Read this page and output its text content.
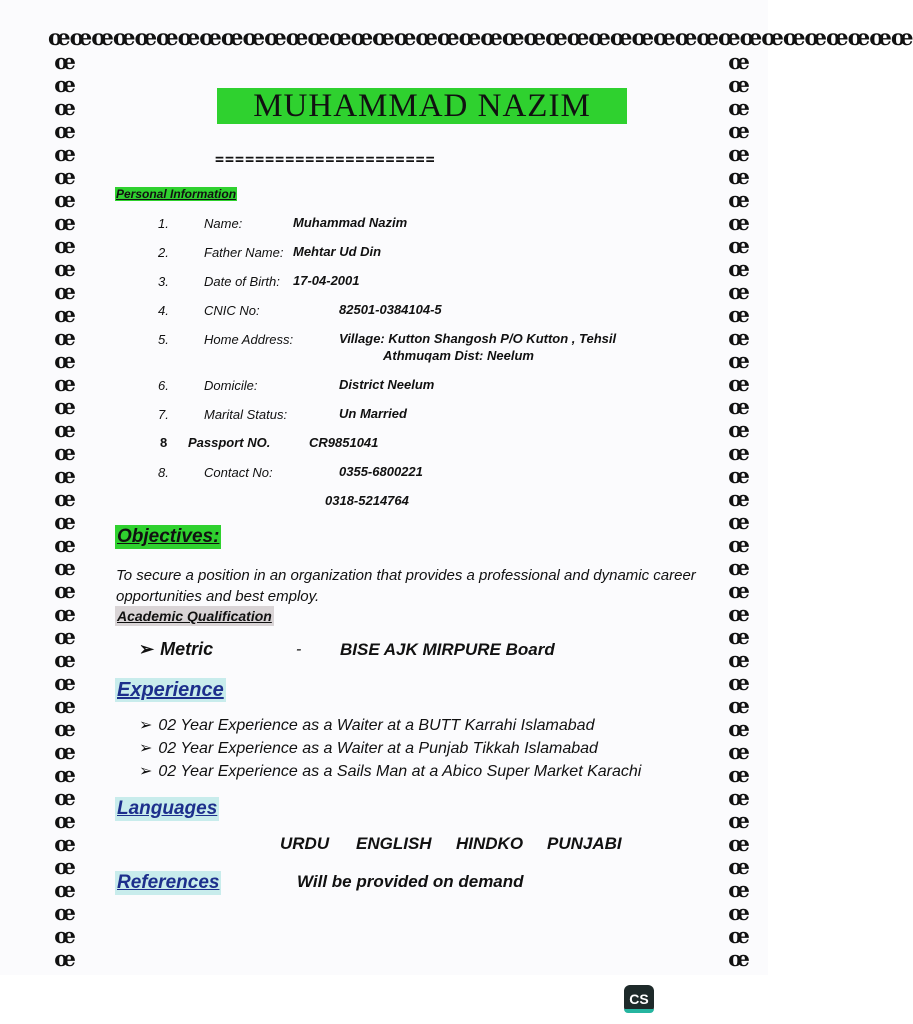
œœœœœœœœœœœœœœœœœœœœœœœœœœœœœœœœœœœœœœœœ
œ
œ
œ
œ
œ
œ
œ
œ
œ
œ
œ
œ
œ
œ
œ
œ
œ
œ
œ
œ
œ
œ
œ
œ
œ
œ
œ
œ
œ
œ
œ
œ
œ
œ
œ
œ
œ
œ
œ
œ
œ
œ
œ
œ
œ
œ
œ
œ
œ
œ
œ
œ
œ
œ
œ
œ
œ
œ
œ
œ
œ
œ
œ
œ
œ
œ
œ
œ
œ
œ
œ
œ
œ
œ
œ
œ
œ
œ
œ
œ
MUHAMMAD NAZIM
======================
Personal Information
1.	Name:	Muhammad Nazim
2.	Father Name: Mehtar Ud Din
3.	Date of Birth: 17-04-2001
4.	CNIC No:	82501-0384104-5
5.	Home Address:	Village: Kutton Shangosh P/O Kutton , Tehsil
Athmuqam Dist: Neelum
6.	Domicile:	District Neelum
7.	Marital Status:	Un Married
8 Passport NO.	CR9851041
8.	Contact No:	0355-6800221
0318-5214764
Objectives:
To secure a position in an organization that provides a professional and dynamic career opportunities and best employ.
Academic Qualification
➢ Metric	- BISE AJK MIRPURE Board
Experience
➢ 02 Year Experience as a Waiter at a BUTT Karrahi Islamabad
➢ 02 Year Experience as a Waiter at a Punjab Tikkah Islamabad
➢ 02 Year Experience as a Sails Man at a Abico Super Market Karachi
Languages
URDU ENGLISH HINDKO PUNJABI
References	Will be provided on demand
CS
